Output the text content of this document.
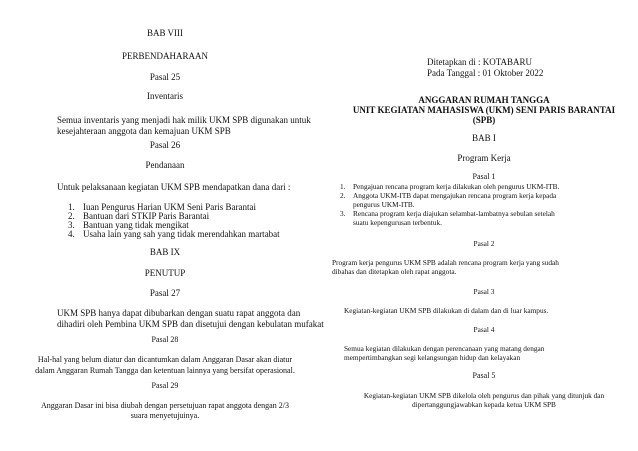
BAB VIII

PERBENDAHARAAN

Pasal 25

Inventaris

Semua inventaris yang menjadi hak milik UKM SPB digunakan untuk

kesejahteraan anggota dan kemajuan UKM SPB

Pasal 26

Pendanaan

Untuk pelaksanaan kegiatan UKM SPB mendapatkan dana dari :

1. Iuan Pengurus Harian UKM Seni Paris Barantai
2. Bantuan dari STKIP Paris Barantai
3. Bantuan yang tidak mengikat
4. Usaha lain yang sah yang tidak merendahkan martabat

BAB IX

PENUTUP

Pasal 27

UKM SPB hanya dapat dibubarkan dengan suatu rapat anggota dan

dihadiri oleh Pembina UKM SPB dan disetujui dengan kebulatan mufakat

Pasal 28

Hal-hal yang belum diatur dan dicantumkan dalam Anggaran Dasar akan diatur

dalam Anggaran Rumah Tangga dan ketentuan lainnya yang bersifat operasional.

Pasal 29

Anggaran Dasar ini bisa diubah dengan persetujuan rapat anggota dengan 2/3

suara menyetujuinya.

Ditetapkan di : KOTABARU

Pada Tanggal : 01 Oktober 2022

ANGGARAN RUMAH TANGGA

UNIT KEGIATAN MAHASISWA (UKM) SENI PARIS BARANTAI

(SPB)

BAB I

Program Kerja

Pasal 1

1. Pengajuan rencana program kerja dilakukan oleh pengurus UKM-ITB.
2. Anggota UKM-ITB dapat mengajukan rencana program kerja kepada
pengurus UKM-ITB.
3. Rencana program kerja diajukan selambat-lambatnya sebulan setelah
suatu kepengurusan terbentuk.

Pasal 2

Program kerja pengurus UKM SPB adalah rencana program kerja yang sudah

dibahas dan ditetapkan oleh rapat anggota.

Pasal 3

Kegiatan-kegiatan UKM SPB dilakukan di dalam dan di luar kampus.

Pasal 4

Semua kegiatan dilakukan dengan perencanaan yang matang dengan

mempertimbangkan segi kelangsungan hidup dan kelayakan

Pasal 5

Kegiatan-kegiatan UKM SPB dikelola oleh pengurus dan pihak yang ditunjuk dan

dipertanggungjawabkan kepada ketua UKM SPB
